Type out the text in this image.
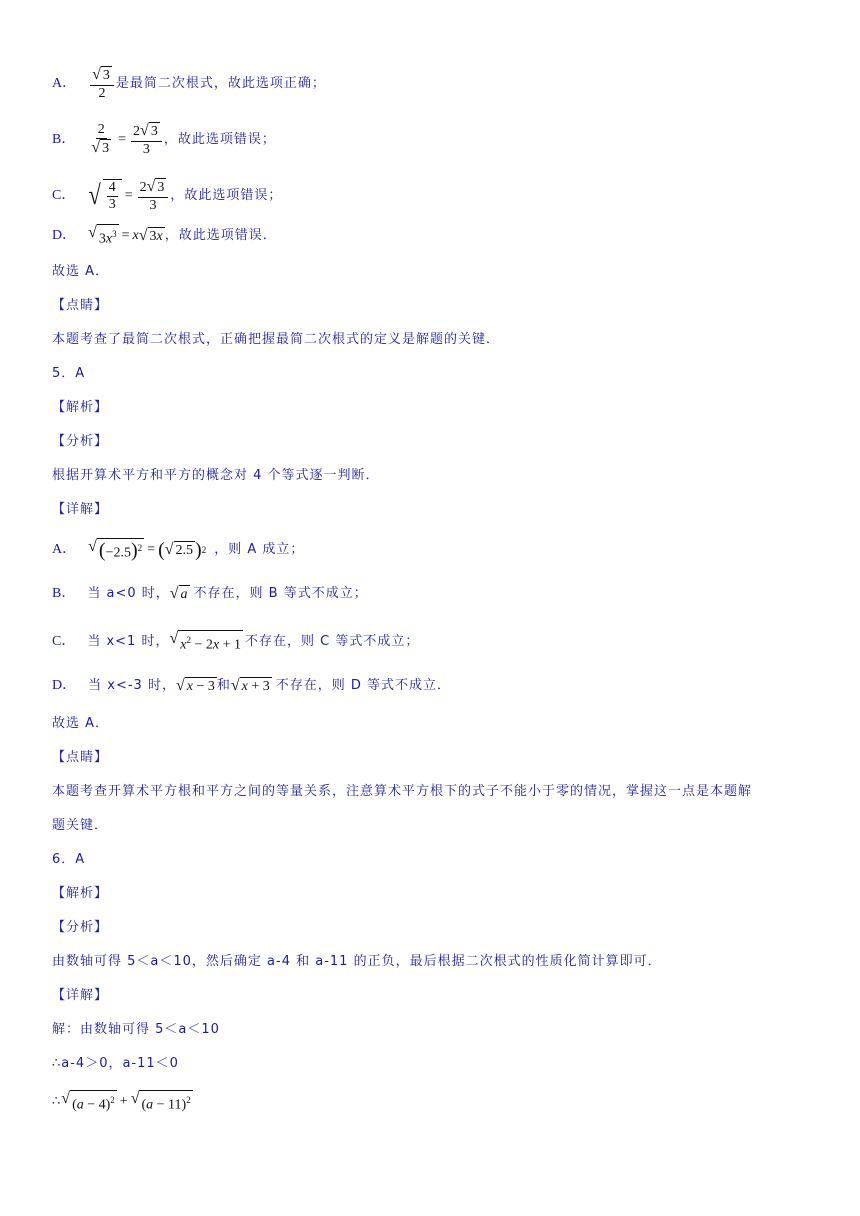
A． $\frac{√ 3}{2}$ 是最简二次根式，故此选项正确；
B． $\frac{2}{√ 3} = \frac{2 √ 3}{3}$ ，故此选项错误；
C． √ $\frac{4}{3} = \frac{2 √ 3}{3}$ ，故此选项错误；
D． √ $3x^3 = x$ √ 3x ，故此选项错误．
故选 A．
【点睛】
本题考查了最简二次根式，正确把握最简二次根式的定义是解题的关键．
5．A
【解析】
【分析】
根据开算术平方和平方的概念对 4 个等式逐一判断．
【详解】
A． √ $(-2.5)^2$ = ( √ 2.5 ) 2 ，则 A 成立；
B． 当 a<0 时， √ a 不存在，则 B 等式不成立；
C． 当 x<1 时， √ $x^2 - 2x + 1$ 不存在，则 C 等式不成立；
D． 当 x<-3 时， √ x − 3 和 √ x + 3 不存在，则 D 等式不成立．
故选 A．
【点睛】
本题考查开算术平方根和平方之间的等量关系，注意算术平方根下的式子不能小于零的情况，掌握这一点是本题解
题关键．
6．A
【解析】
【分析】
由数轴可得 5＜a＜10，然后确定 a-4 和 a-11 的正负，最后根据二次根式的性质化简计算即可．
【详解】
解：由数轴可得 5＜a＜10
∴a-4＞0，a-11＜0
∴ √ $(a - 4)^2$ + √ $(a - 11)^2$
